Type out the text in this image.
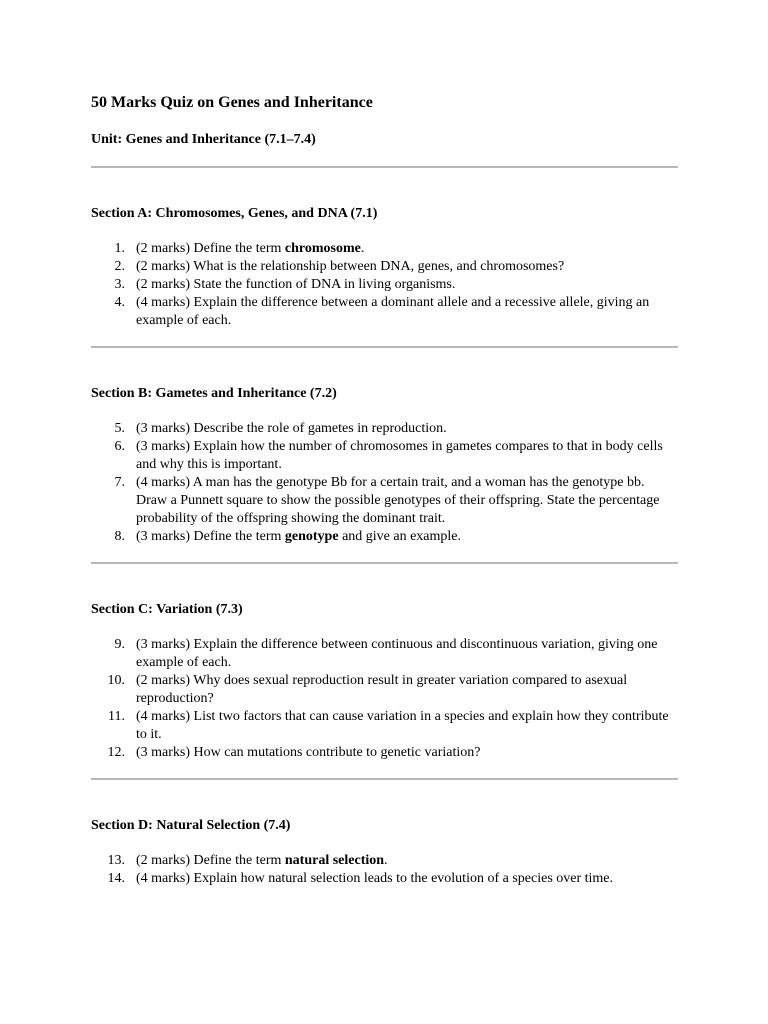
50 Marks Quiz on Genes and Inheritance

Unit: Genes and Inheritance (7.1–7.4)

Section A: Chromosomes, Genes, and DNA (7.1)
1. (2 marks) Define the term chromosome.
2. (2 marks) What is the relationship between DNA, genes, and chromosomes?
3. (2 marks) State the function of DNA in living organisms.
4. (4 marks) Explain the difference between a dominant allele and a recessive allele, giving an example of each.
Section B: Gametes and Inheritance (7.2)
5. (3 marks) Describe the role of gametes in reproduction.
6. (3 marks) Explain how the number of chromosomes in gametes compares to that in body cells and why this is important.
7. (4 marks) A man has the genotype Bb for a certain trait, and a woman has the genotype bb. Draw a Punnett square to show the possible genotypes of their offspring. State the percentage probability of the offspring showing the dominant trait.
8. (3 marks) Define the term genotype and give an example.
Section C: Variation (7.3)
9. (3 marks) Explain the difference between continuous and discontinuous variation, giving one example of each.
10. (2 marks) Why does sexual reproduction result in greater variation compared to asexual reproduction?
11. (4 marks) List two factors that can cause variation in a species and explain how they contribute to it.
12. (3 marks) How can mutations contribute to genetic variation?
Section D: Natural Selection (7.4)
13. (2 marks) Define the term natural selection.
14. (4 marks) Explain how natural selection leads to the evolution of a species over time.
